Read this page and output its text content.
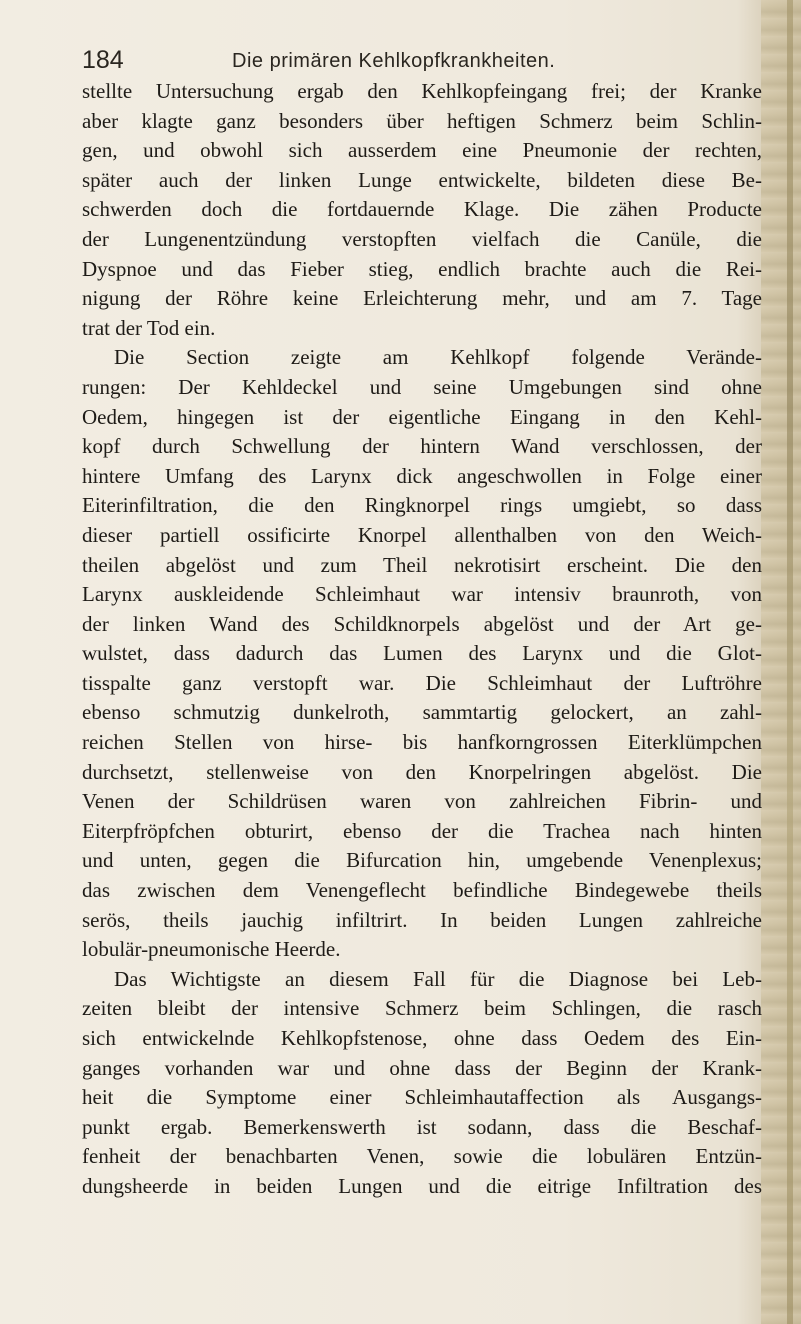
184	Die primären Kehlkopfkrankheiten.
stellte Untersuchung ergab den Kehlkopfeingang frei; der Kranke
aber klagte ganz besonders über heftigen Schmerz beim Schlin-
gen, und obwohl sich ausserdem eine Pneumonie der rechten,
später auch der linken Lunge entwickelte, bildeten diese Be-
schwerden doch die fortdauernde Klage. Die zähen Producte
der Lungenentzündung verstopften vielfach die Canüle, die
Dyspnoe und das Fieber stieg, endlich brachte auch die Rei-
nigung der Röhre keine Erleichterung mehr, und am 7. Tage
trat der Tod ein.
Die Section zeigte am Kehlkopf folgende Verände-
rungen: Der Kehldeckel und seine Umgebungen sind ohne
Oedem, hingegen ist der eigentliche Eingang in den Kehl-
kopf durch Schwellung der hintern Wand verschlossen, der
hintere Umfang des Larynx dick angeschwollen in Folge einer
Eiterinfiltration, die den Ringknorpel rings umgiebt, so dass
dieser partiell ossificirte Knorpel allenthalben von den Weich-
theilen abgelöst und zum Theil nekrotisirt erscheint. Die den
Larynx auskleidende Schleimhaut war intensiv braunroth, von
der linken Wand des Schildknorpels abgelöst und der Art ge-
wulstet, dass dadurch das Lumen des Larynx und die Glot-
tisspalte ganz verstopft war. Die Schleimhaut der Luftröhre
ebenso schmutzig dunkelroth, sammtartig gelockert, an zahl-
reichen Stellen von hirse- bis hanfkorngrossen Eiterklümpchen
durchsetzt, stellenweise von den Knorpelringen abgelöst. Die
Venen der Schildrüsen waren von zahlreichen Fibrin- und
Eiterpfröpfchen obturirt, ebenso der die Trachea nach hinten
und unten, gegen die Bifurcation hin, umgebende Venenplexus;
das zwischen dem Venengeflecht befindliche Bindegewebe theils
serös, theils jauchig infiltrirt. In beiden Lungen zahlreiche
lobulär-pneumonische Heerde.
Das Wichtigste an diesem Fall für die Diagnose bei Leb-
zeiten bleibt der intensive Schmerz beim Schlingen, die rasch
sich entwickelnde Kehlkopfstenose, ohne dass Oedem des Ein-
ganges vorhanden war und ohne dass der Beginn der Krank-
heit die Symptome einer Schleimhautaffection als Ausgangs-
punkt ergab. Bemerkenswerth ist sodann, dass die Beschaf-
fenheit der benachbarten Venen, sowie die lobulären Entzün-
dungsheerde in beiden Lungen und die eitrige Infiltration des
